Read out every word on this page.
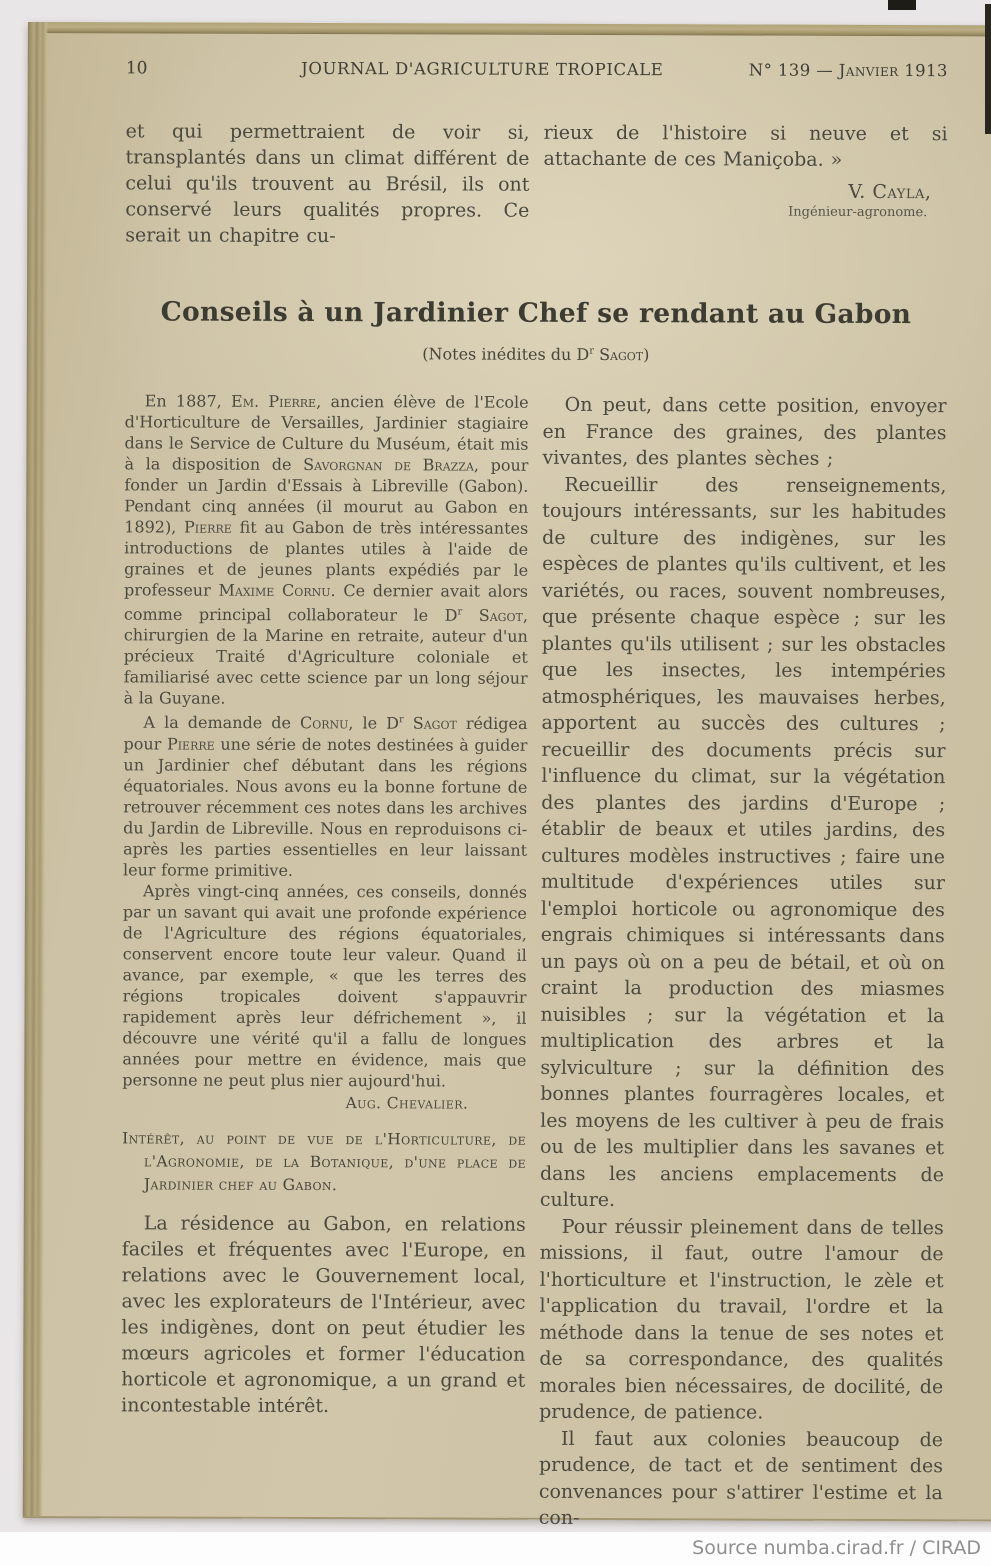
10	JOURNAL D'AGRICULTURE TROPICALE	N° 139 — Janvier 1913

et qui permettraient de voir si, transplantés dans un climat différent de celui qu'ils trouvent au Brésil, ils ont conservé leurs qualités propres. Ce serait un chapitre cu-

rieux de l'histoire si neuve et si attachante de ces Maniçoba. »

V. Cayla,
Ingénieur-agronome.
Conseils à un Jardinier Chef se rendant au Gabon
(Notes inédites du $D^r$ Sagot)

En 1887, Em. Pierre, ancien élève de l'Ecole d'Horticulture de Versailles, Jardinier stagiaire dans le Service de Culture du Muséum, était mis à la disposition de Savorgnan de Brazza, pour fonder un Jardin d'Essais à Libreville (Gabon). Pendant cinq années (il mourut au Gabon en 1892), Pierre fit au Gabon de très intéressantes introductions de plantes utiles à l'aide de graines et de jeunes plants expédiés par le professeur Maxime Cornu. Ce dernier avait alors comme principal collaborateur le $D^r$ Sagot, chirurgien de la Marine en retraite, auteur d'un précieux Traité d'Agriculture coloniale et familiarisé avec cette science par un long séjour à la Guyane.

A la demande de Cornu, le $D^r$ Sagot rédigea pour Pierre une série de notes destinées à guider un Jardinier chef débutant dans les régions équatoriales. Nous avons eu la bonne fortune de retrouver récemment ces notes dans les archives du Jardin de Libreville. Nous en reproduisons ci-après les parties essentielles en leur laissant leur forme primitive.

Après vingt-cinq années, ces conseils, donnés par un savant qui avait une profonde expérience de l'Agriculture des régions équatoriales, conservent encore toute leur valeur. Quand il avance, par exemple, « que les terres des régions tropicales doivent s'appauvrir rapidement après leur défrichement », il découvre une vérité qu'il a fallu de longues années pour mettre en évidence, mais que personne ne peut plus nier aujourd'hui.

Aug. Chevalier.
Intérêt, au point de vue de l'Horticulture, de l'Agronomie, de la Botanique, d'une place de Jardinier chef au Gabon.

La résidence au Gabon, en relations faciles et fréquentes avec l'Europe, en relations avec le Gouvernement local, avec les explorateurs de l'Intérieur, avec les indigènes, dont on peut étudier les mœurs agricoles et former l'éducation horticole et agronomique, a un grand et incontestable intérêt.

On peut, dans cette position, envoyer en France des graines, des plantes vivantes, des plantes sèches ;

Recueillir des renseignements, toujours intéressants, sur les habitudes de culture des indigènes, sur les espèces de plantes qu'ils cultivent, et les variétés, ou races, souvent nombreuses, que présente chaque espèce ; sur les plantes qu'ils utilisent ; sur les obstacles que les insectes, les intempéries atmosphériques, les mauvaises herbes, apportent au succès des cultures ; recueillir des documents précis sur l'influence du climat, sur la végétation des plantes des jardins d'Europe ; établir de beaux et utiles jardins, des cultures modèles instructives ; faire une multitude d'expériences utiles sur l'emploi horticole ou agronomique des engrais chimiques si intéressants dans un pays où on a peu de bétail, et où on craint la production des miasmes nuisibles ; sur la végétation et la multiplication des arbres et la sylviculture ; sur la définition des bonnes plantes fourragères locales, et les moyens de les cultiver à peu de frais ou de les multiplier dans les savanes et dans les anciens emplacements de culture.

Pour réussir pleinement dans de telles missions, il faut, outre l'amour de l'horticulture et l'instruction, le zèle et l'application du travail, l'ordre et la méthode dans la tenue de ses notes et de sa correspondance, des qualités morales bien nécessaires, de docilité, de prudence, de patience.

Il faut aux colonies beaucoup de prudence, de tact et de sentiment des convenances pour s'attirer l'estime et la con-

Source numba.cirad.fr / CIRAD
